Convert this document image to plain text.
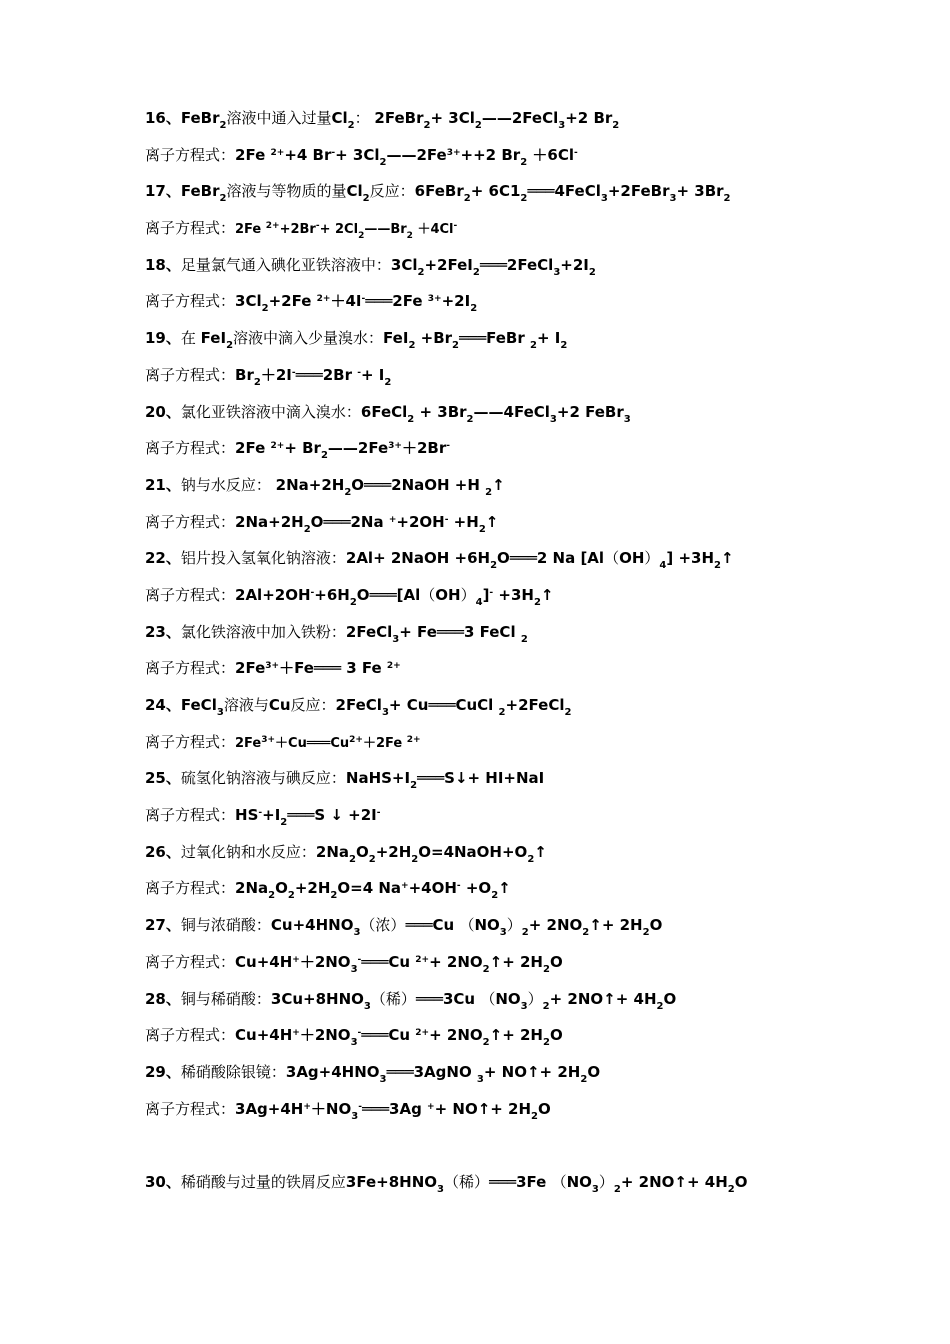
16、FeBr$_2$溶液中通入过量$Cl_2$： 2FeBr$_2$+ $3Cl_2——2FeCl_3+2$ $Br_2$
离子方程式：2Fe $^{2+}$+4 $Br^-+ 3Cl_2——2Fe^{3+}++2$ $Br_2 +6Cl^-$
17、FeBr$_2$溶液与等物质的量$Cl_2$反应：6FeBr$_2$+ $6C1_2═══4FeCl_3+2FeBr_3+ 3Br_2$
离子方程式：2Fe $^{2+}+2Br^-+ 2Cl_2——Br_2 +4Cl^-$
18、足量氯气通入碘化亚铁溶液中：$3Cl_2+2FeI_2═══2FeCl_3+2I_2$
离子方程式：$3Cl_2+2Fe$ $^{2+}$＋4I-═══2Fe $^{3+}+2I_2$
19、在 FeI$_2$溶液中滴入少量溴水：$FeI_2 +Br_2═══FeBr$ $_2+ I_2$
离子方程式：$Br_2+2I^-═══2Br$ $^-+ I_2$
20、氯化亚铁溶液中滴入溴水：6FeCl$_2$ + $3Br_2——4FeCl_3+2$ FeBr$_3$
离子方程式：2Fe $^{2+}+ Br_2——2Fe^{3+}+2Br^-$
21、钠与水反应： $2Na+2H_2O═══2NaOH +H$ $_2$↑
离子方程式：$2Na+2H_2O═══2Na$ $^++2OH^- +H_2↑$
22、铝片投入氢氧化钠溶液：2Al+ 2NaOH $+6H_2O═══2$ Na $[Al(OH)_4]$ $+3H_2↑$
离子方程式：$2Al+2OH^-+6H_2O═══[Al(OH)_4]^-$ $+3H_2↑$
23、氯化铁溶液中加入铁粉：2FeCl$_3$+ Fe═══3 FeCl $_2$
离子方程式：$2Fe^{3+}+Fe═══$ 3 Fe $^{2+}$
24、FeCl$_3$溶液与Cu反应：2FeCl$_3$+ Cu═══CuCl $_2$+2FeCl$_2$
离子方程式：$2Fe^{3+}+Cu═══Cu^{2+}+2Fe$ $^{2+}$
25、硫氢化钠溶液与碘反应：$NaHS+I_2═══S↓+ HI+NaI$
离子方程式：$HS^-+I_2═══S$ ↓ +2I-
26、过氧化钠和水反应：$2Na_2O_2+2H_2O=4NaOH+O_2↑$
离子方程式：$2Na_2O_2+2H_2O=4$ $Na^++4OH^- +O_2↑$
27、铜与浓硝酸：$Cu+4HNO_3$（浓）═══Cu $(NO_3)_2+$ $2NO_2↑+ 2H_2O$
离子方程式：$Cu+4H^++2NO_3^-═══Cu$ $^{2+}+ 2NO_2↑+ 2H_2O$
28、铜与稀硝酸：$3Cu+8HNO_3$（稀）═══3Cu $(NO_3)_2+$ 2NO↑+ $4H_2O$
离子方程式：$Cu+4H^++2NO_3^-═══Cu$ $^{2+}+ 2NO_2↑+ 2H_2O$
29、稀硝酸除银镜：$3Ag+4HNO_3═══3AgNO$ $_3$+ NO↑+ $2H_2O$
离子方程式：$3Ag+4H^++NO_3^-═══3Ag$ ++ NO↑+ $2H_2O$
30、稀硝酸与过量的铁屑反应$3Fe+8HNO_3$（稀）═══3Fe $(NO_3)_2+$ 2NO↑+ $4H_2O$
